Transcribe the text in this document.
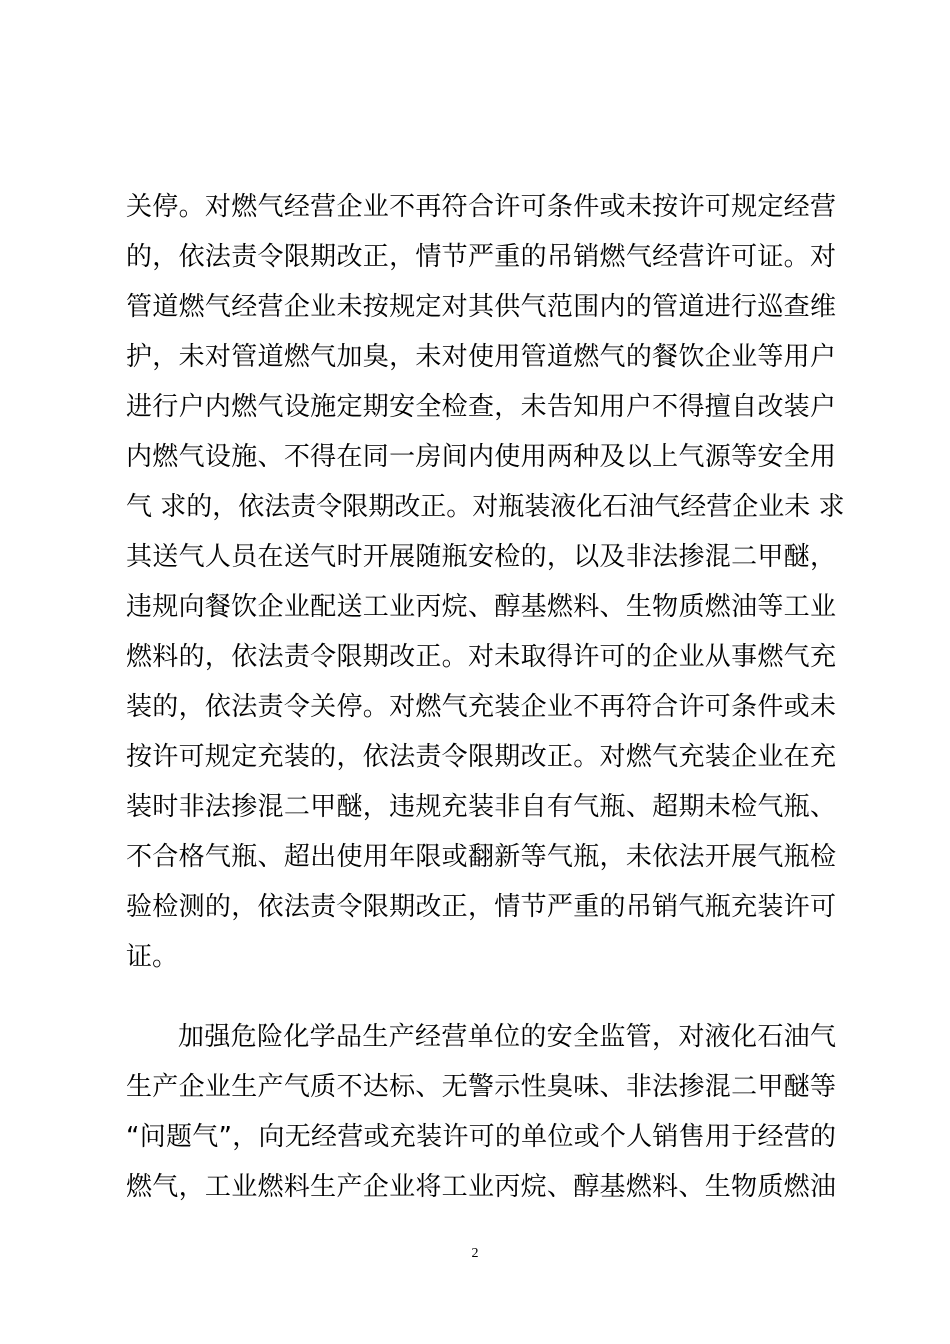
关停。对燃气经营企业不再符合许可条件或未按许可规定经营
的，依法责令限期改正，情节严重的吊销燃气经营许可证。对
管道燃气经营企业未按规定对其供气范围内的管道进行巡查维
护，未对管道燃气加臭，未对使用管道燃气的餐饮企业等用户
进行户内燃气设施定期安全检查，未告知用户不得擅自改装户
内燃气设施、不得在同一房间内使用两种及以上气源等安全用
气 求的，依法责令限期改正。对瓶装液化石油气经营企业未 求
其送气人员在送气时开展随瓶安检的，以及非法掺混二甲醚，
违规向餐饮企业配送工业丙烷、醇基燃料、生物质燃油等工业
燃料的，依法责令限期改正。对未取得许可的企业从事燃气充
装的，依法责令关停。对燃气充装企业不再符合许可条件或未
按许可规定充装的，依法责令限期改正。对燃气充装企业在充
装时非法掺混二甲醚，违规充装非自有气瓶、超期未检气瓶、
不合格气瓶、超出使用年限或翻新等气瓶，未依法开展气瓶检
验检测的，依法责令限期改正，情节严重的吊销气瓶充装许可
证。
加强危险化学品生产经营单位的安全监管，对液化石油气
生产企业生产气质不达标、无警示性臭味、非法掺混二甲醚等
“问题气”，向无经营或充装许可的单位或个人销售用于经营的
燃气，工业燃料生产企业将工业丙烷、醇基燃料、生物质燃油
2
